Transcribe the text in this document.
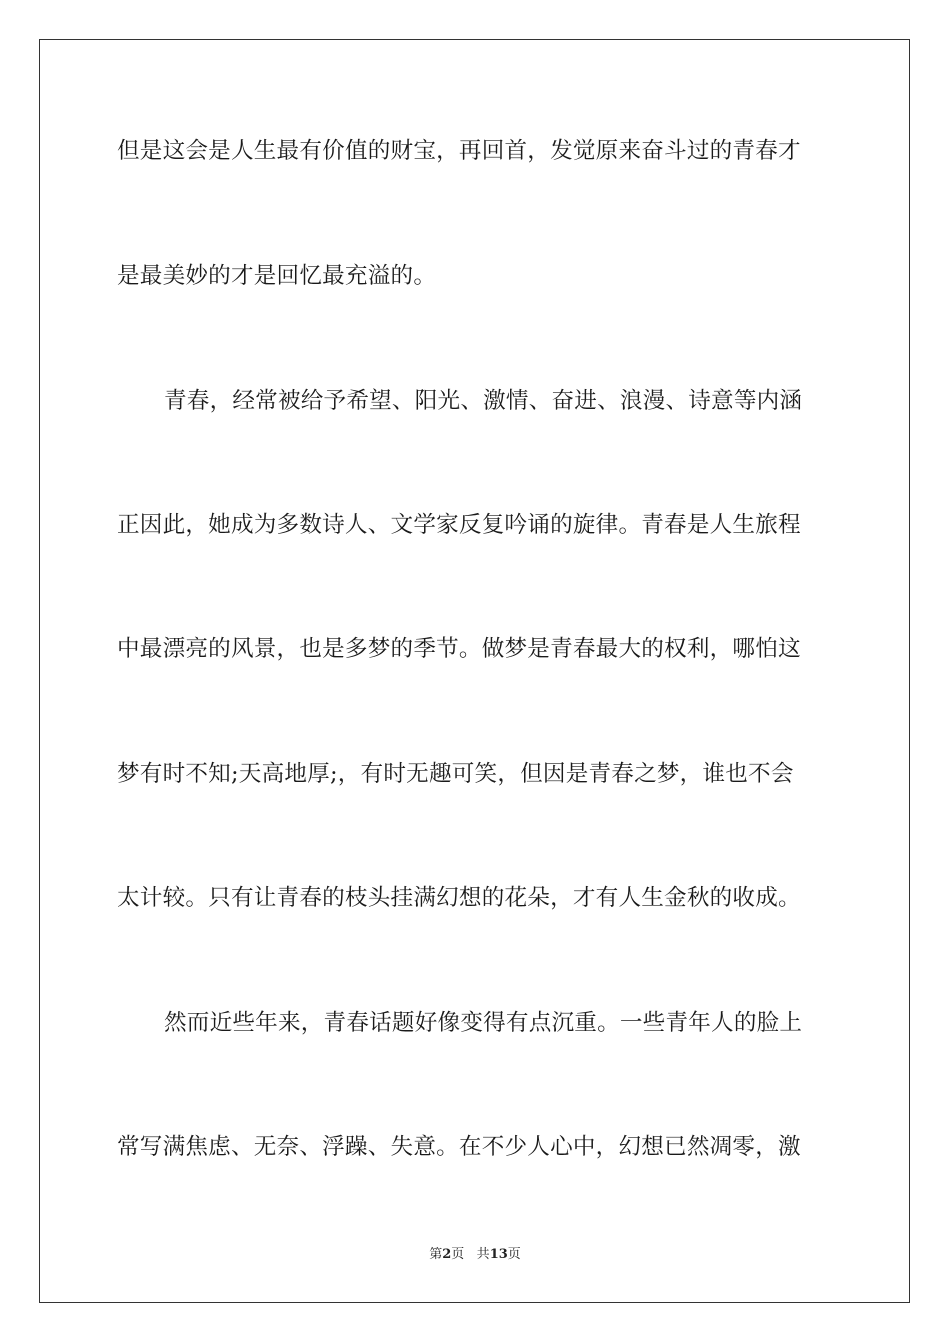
但是这会是人生最有价值的财宝，再回首，发觉原来奋斗过的青春才
是最美妙的才是回忆最充溢的。
青春，经常被给予希望、阳光、激情、奋进、浪漫、诗意等内涵
正因此，她成为多数诗人、文学家反复吟诵的旋律。青春是人生旅程
中最漂亮的风景，也是多梦的季节。做梦是青春最大的权利，哪怕这
梦有时不知;天高地厚;，有时无趣可笑，但因是青春之梦，谁也不会
太计较。只有让青春的枝头挂满幻想的花朵，才有人生金秋的收成。
然而近些年来，青春话题好像变得有点沉重。一些青年人的脸上
常写满焦虑、无奈、浮躁、失意。在不少人心中，幻想已然凋零，激
第2页 共13页
